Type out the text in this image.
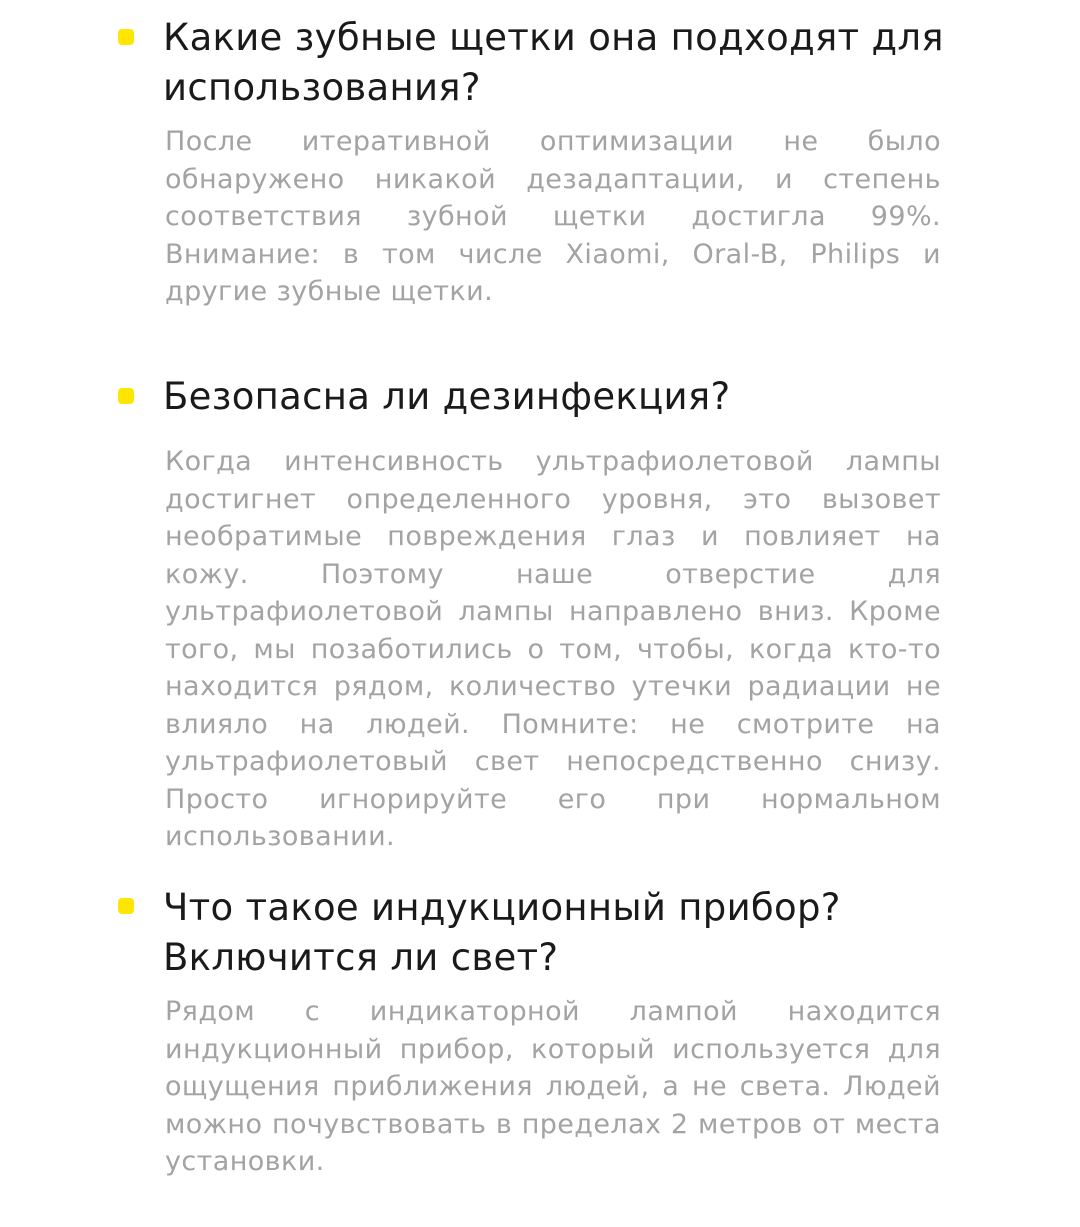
Какие зубные щетки она подходят для использования?

После итеративной оптимизации не было обнаружено никакой дезадаптации, и степень соответствия зубной щетки достигла 99%. Внимание: в том числе Xiaomi, Oral-B, Philips и другие зубные щетки.

Безопасна ли дезинфекция?

Когда интенсивность ультрафиолетовой лампы достигнет определенного уровня, это вызовет необратимые повреждения глаз и повлияет на кожу. Поэтому наше отверстие для ультрафиолетовой лампы направлено вниз. Кроме того, мы позаботились о том, чтобы, когда кто-то находится рядом, количество утечки радиации не влияло на людей. Помните: не смотрите на ультрафиолетовый свет непосредственно снизу. Просто игнорируйте его при нормальном использовании.

Что такое индукционный прибор? Включится ли свет?

Рядом с индикаторной лампой находится индукционный прибор, который используется для ощущения приближения людей, а не света. Людей можно почувствовать в пределах 2 метров от места установки.
